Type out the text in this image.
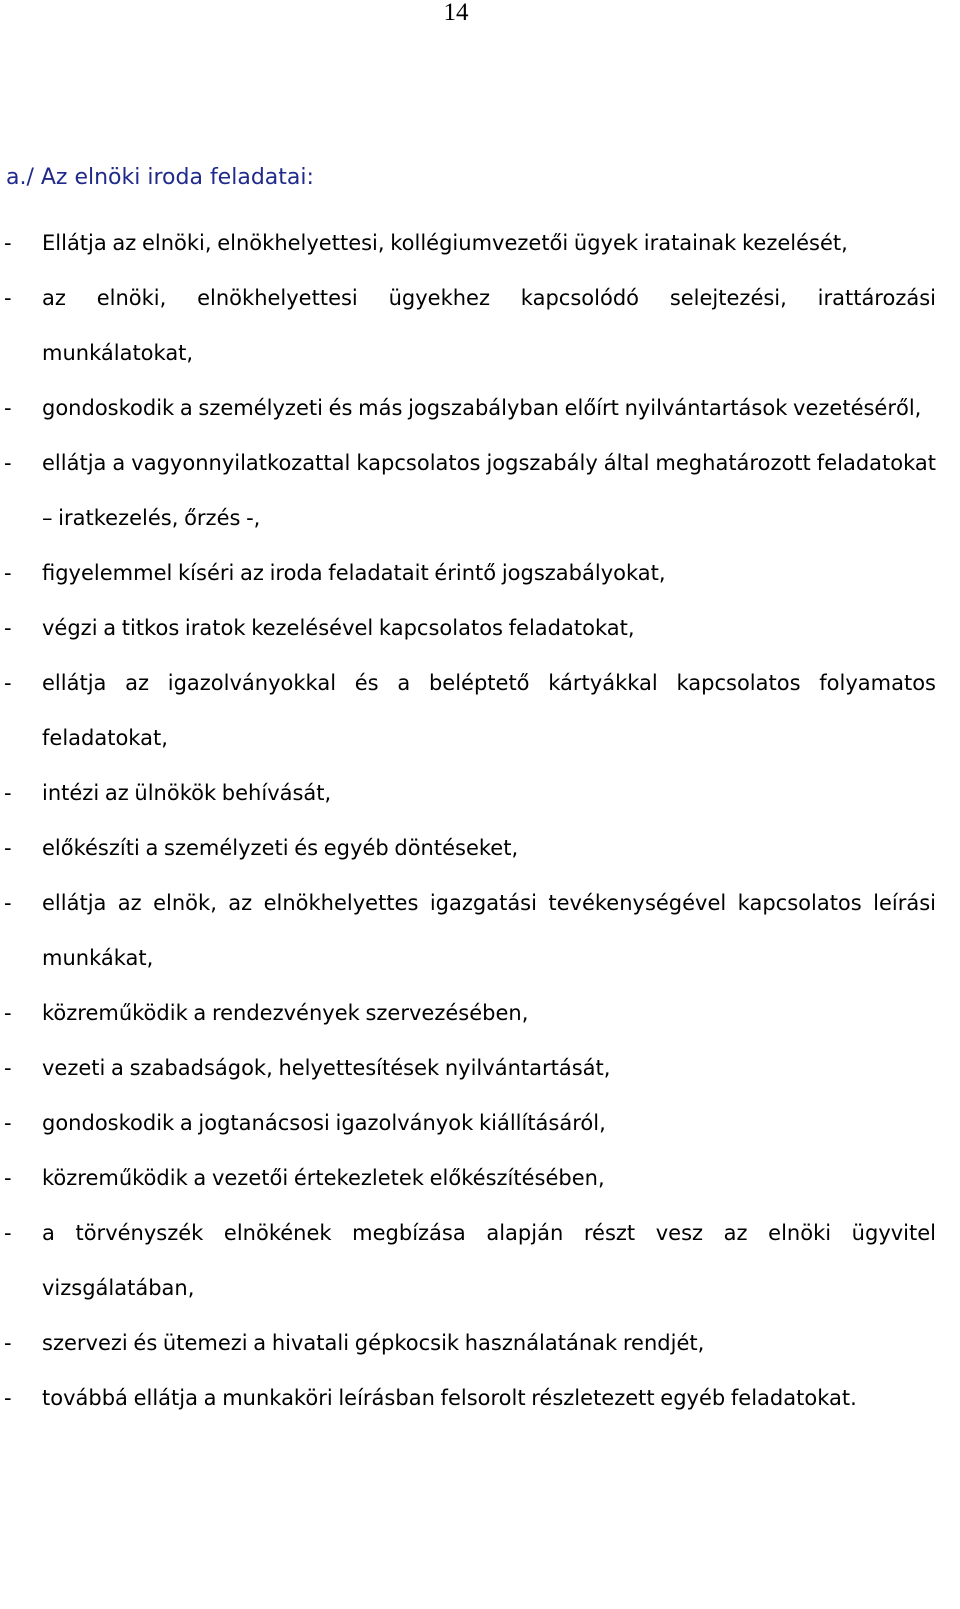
14
a./ Az elnöki iroda feladatai:
- Ellátja az elnöki, elnökhelyettesi, kollégiumvezetői ügyek iratainak kezelését,
- az elnöki, elnökhelyettesi ügyekhez kapcsolódó selejtezési, irattározási munkálatokat,
- gondoskodik a személyzeti és más jogszabályban előírt nyilvántartások vezetéséről,
- ellátja a vagyonnyilatkozattal kapcsolatos jogszabály által meghatározott feladatokat – iratkezelés, őrzés -,
- figyelemmel kíséri az iroda feladatait érintő jogszabályokat,
- végzi a titkos iratok kezelésével kapcsolatos feladatokat,
- ellátja az igazolványokkal és a beléptető kártyákkal kapcsolatos folyamatos feladatokat,
- intézi az ülnökök behívását,
- előkészíti a személyzeti és egyéb döntéseket,
- ellátja az elnök, az elnökhelyettes igazgatási tevékenységével kapcsolatos leírási munkákat,
- közreműködik a rendezvények szervezésében,
- vezeti a szabadságok, helyettesítések nyilvántartását,
- gondoskodik a jogtanácsosi igazolványok kiállításáról,
- közreműködik a vezetői értekezletek előkészítésében,
- a törvényszék elnökének megbízása alapján részt vesz az elnöki ügyvitel vizsgálatában,
- szervezi és ütemezi a hivatali gépkocsik használatának rendjét,
- továbbá ellátja a munkaköri leírásban felsorolt részletezett egyéb feladatokat.
